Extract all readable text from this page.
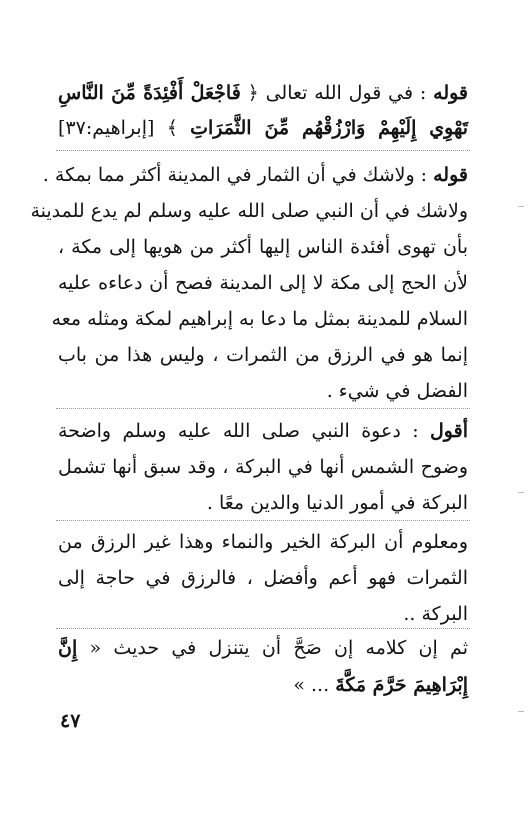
قوله : في قول الله تعالى ﴿ فَاجْعَلْ أَفْئِدَةً مِّنَ النَّاسِ
تَهْوِي إِلَيْهِمْ وَارْزُقْهُم مِّنَ الثَّمَرَاتِ ﴾ [إبراهيم:٣٧]
قوله : ولاشك في أن الثمار في المدينة أكثر مما بمكة .
ولاشك في أن النبي صلى الله عليه وسلم لم يدع للمدينة
بأن تهوى أفئدة الناس إليها أكثر من هويها إلى مكة ،
لأن الحج إلى مكة لا إلى المدينة فصح أن دعاءه عليه
السلام للمدينة بمثل ما دعا به إبراهيم لمكة ومثله معه
إنما هو في الرزق من الثمرات ، وليس هذا من باب
الفضل في شيء .
أقول : دعوة النبي صلى الله عليه وسلم واضحة
وضوح الشمس أنها في البركة ، وقد سبق أنها تشمل
البركة في أمور الدنيا والدين معًا .
ومعلوم أن البركة الخير والنماء وهذا غير الرزق من
الثمرات فهو أعم وأفضل ، فالرزق في حاجة إلى
البركة ..
ثم إن كلامه إن صَحَّ أن يتنزل في حديث « إِنَّ
إِبْرَاهِيمَ حَرَّمَ مَكَّةَ ... »
٤٧
